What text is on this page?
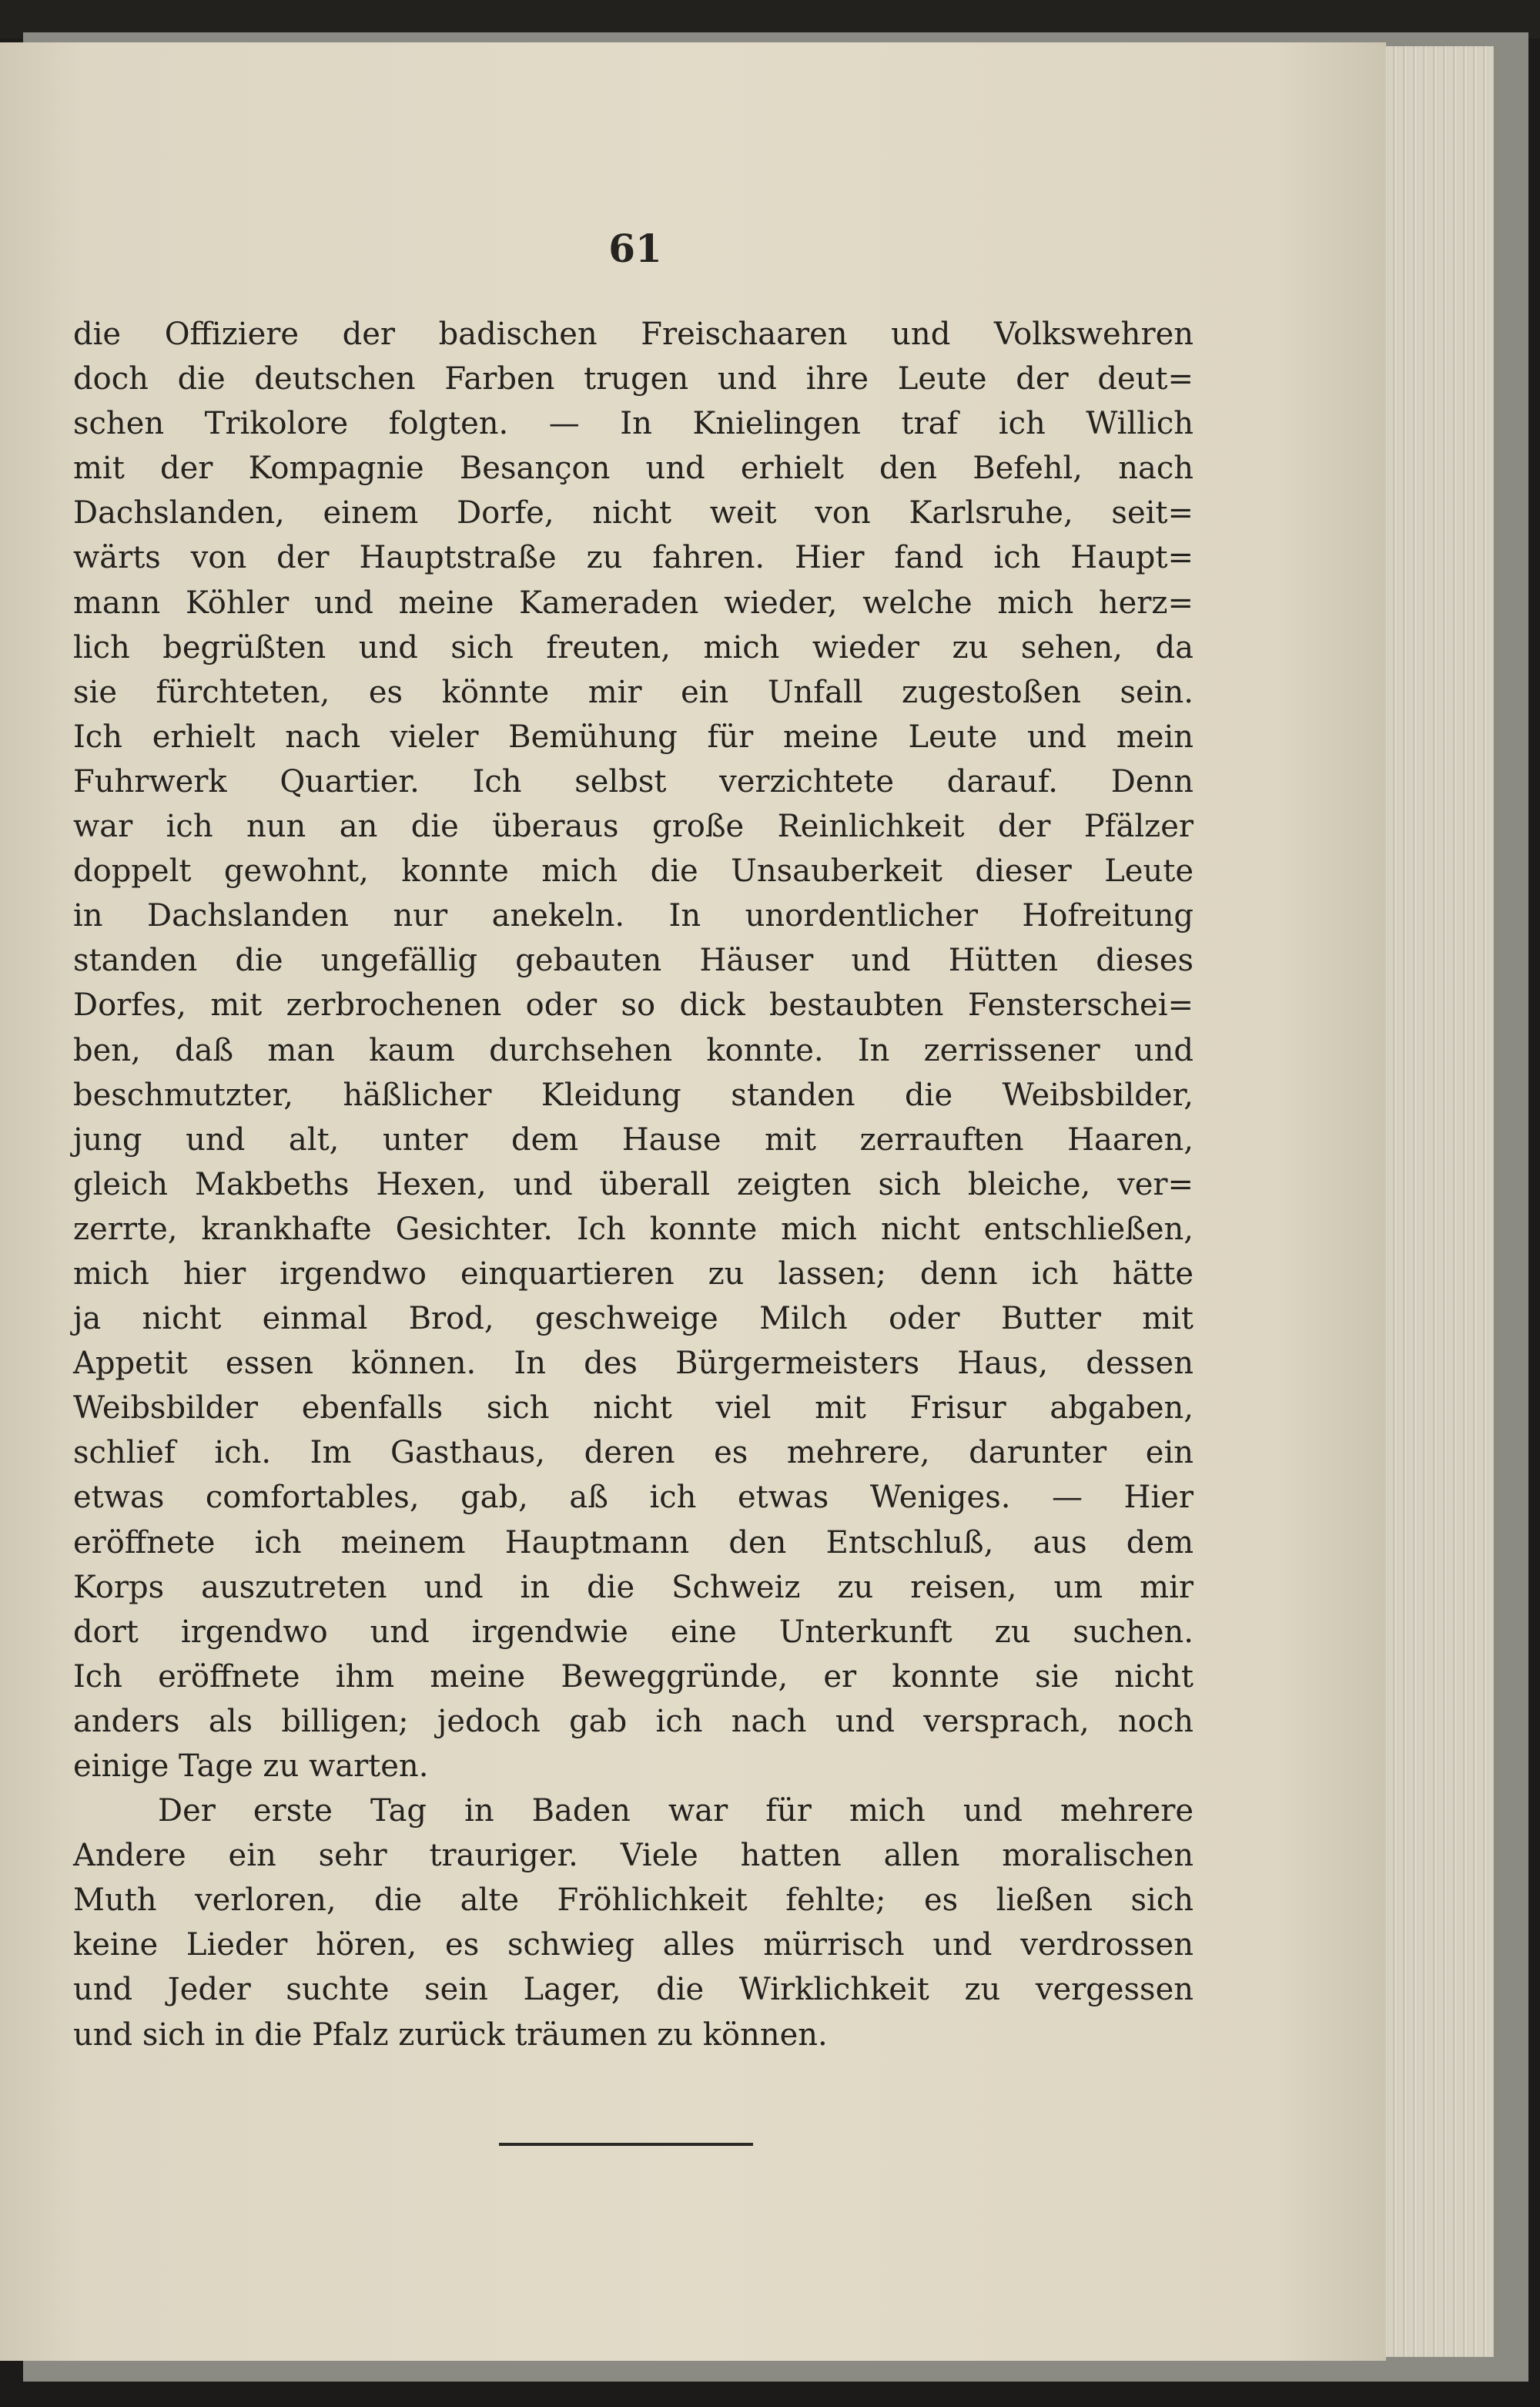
61
die Offiziere der badischen Freischaaren und Volkswehren
doch die deutschen Farben trugen und ihre Leute der deut=
schen Trikolore folgten. — In Knielingen traf ich Willich
mit der Kompagnie Besançon und erhielt den Befehl, nach
Dachslanden, einem Dorfe, nicht weit von Karlsruhe, seit=
wärts von der Hauptstraße zu fahren. Hier fand ich Haupt=
mann Köhler und meine Kameraden wieder, welche mich herz=
lich begrüßten und sich freuten, mich wieder zu sehen, da
sie fürchteten, es könnte mir ein Unfall zugestoßen sein.
Ich erhielt nach vieler Bemühung für meine Leute und mein
Fuhrwerk Quartier. Ich selbst verzichtete darauf. Denn
war ich nun an die überaus große Reinlichkeit der Pfälzer
doppelt gewohnt, konnte mich die Unsauberkeit dieser Leute
in Dachslanden nur anekeln. In unordentlicher Hofreitung
standen die ungefällig gebauten Häuser und Hütten dieses
Dorfes, mit zerbrochenen oder so dick bestaubten Fensterschei=
ben, daß man kaum durchsehen konnte. In zerrissener und
beschmutzter, häßlicher Kleidung standen die Weibsbilder,
jung und alt, unter dem Hause mit zerrauften Haaren,
gleich Makbeths Hexen, und überall zeigten sich bleiche, ver=
zerrte, krankhafte Gesichter. Ich konnte mich nicht entschließen,
mich hier irgendwo einquartieren zu lassen; denn ich hätte
ja nicht einmal Brod, geschweige Milch oder Butter mit
Appetit essen können. In des Bürgermeisters Haus, dessen
Weibsbilder ebenfalls sich nicht viel mit Frisur abgaben,
schlief ich. Im Gasthaus, deren es mehrere, darunter ein
etwas comfortables, gab, aß ich etwas Weniges. — Hier
eröffnete ich meinem Hauptmann den Entschluß, aus dem
Korps auszutreten und in die Schweiz zu reisen, um mir
dort irgendwo und irgendwie eine Unterkunft zu suchen.
Ich eröffnete ihm meine Beweggründe, er konnte sie nicht
anders als billigen; jedoch gab ich nach und versprach, noch
einige Tage zu warten.
Der erste Tag in Baden war für mich und mehrere
Andere ein sehr trauriger. Viele hatten allen moralischen
Muth verloren, die alte Fröhlichkeit fehlte; es ließen sich
keine Lieder hören, es schwieg alles mürrisch und verdrossen
und Jeder suchte sein Lager, die Wirklichkeit zu vergessen
und sich in die Pfalz zurück träumen zu können.
